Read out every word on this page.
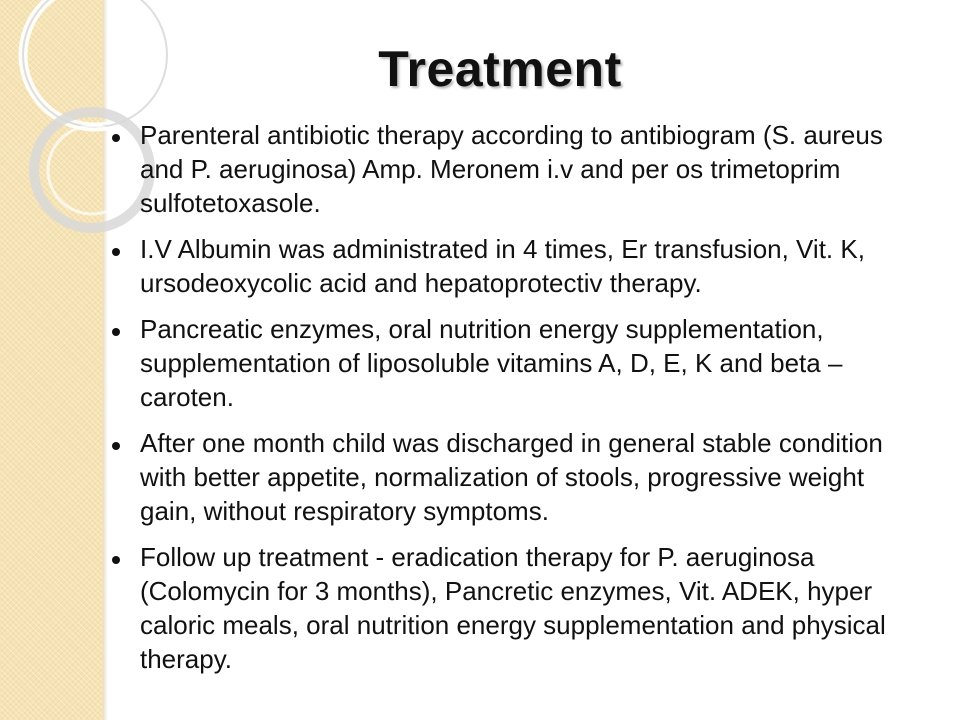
Treatment
Parenteral antibiotic therapy according to antibiogram (S. aureus and P. aeruginosa) Amp. Meronem i.v and per os trimetoprim sulfotetoxasole.
I.V Albumin was administrated in 4 times, Er transfusion, Vit. K, ursodeoxycolic acid and hepatoprotectiv therapy.
Pancreatic enzymes, oral nutrition energy supplementation, supplementation of liposoluble vitamins A, D, E, K and beta – caroten.
After one month child was discharged in general stable condition with better appetite, normalization of stools, progressive weight gain, without respiratory symptoms.
Follow up treatment - eradication therapy for P. aeruginosa (Colomycin for 3 months), Pancretic enzymes, Vit. ADEK, hyper caloric meals, oral nutrition energy supplementation and physical therapy.
